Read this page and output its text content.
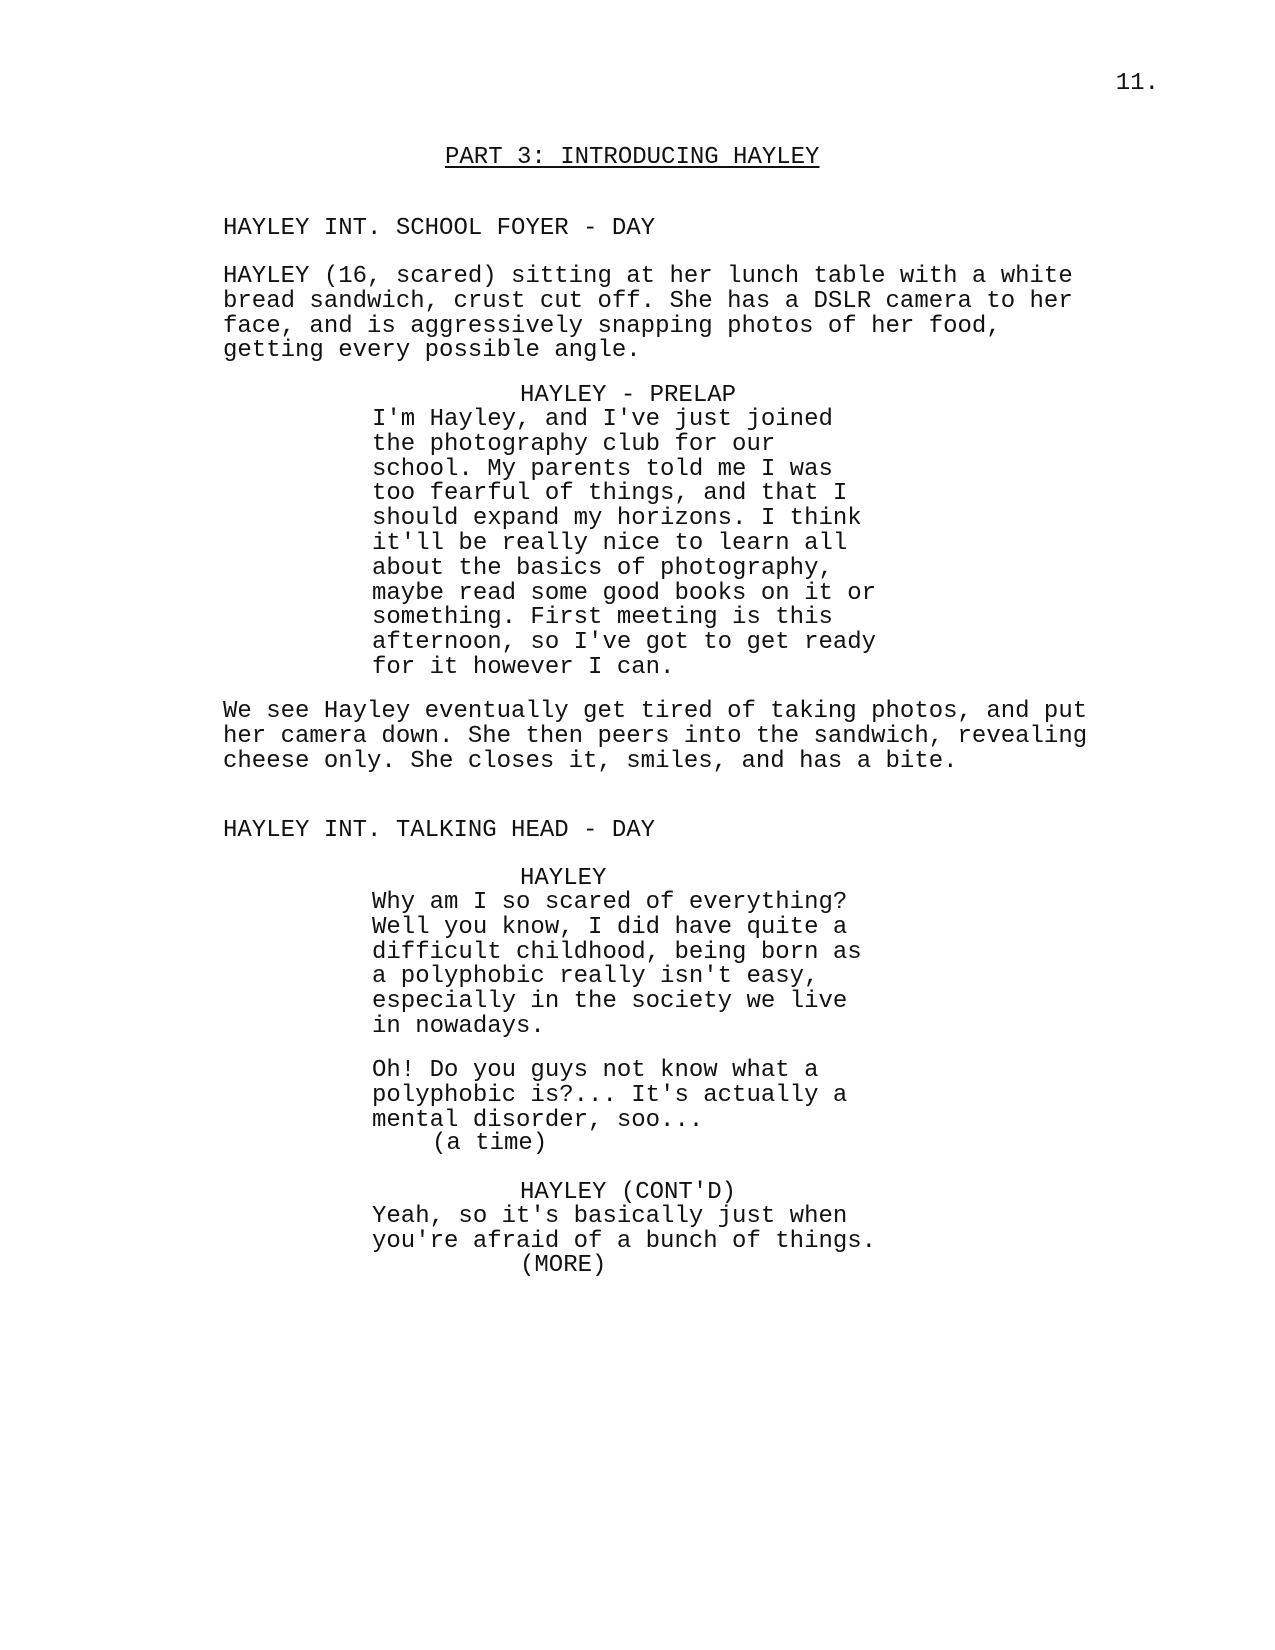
11.
PART 3: INTRODUCING HAYLEY
HAYLEY INT. SCHOOL FOYER - DAY
HAYLEY (16, scared) sitting at her lunch table with a white
bread sandwich, crust cut off. She has a DSLR camera to her
face, and is aggressively snapping photos of her food,
getting every possible angle.
HAYLEY - PRELAP
I'm Hayley, and I've just joined
the photography club for our
school. My parents told me I was
too fearful of things, and that I
should expand my horizons. I think
it'll be really nice to learn all
about the basics of photography,
maybe read some good books on it or
something. First meeting is this
afternoon, so I've got to get ready
for it however I can.
We see Hayley eventually get tired of taking photos, and put
her camera down. She then peers into the sandwich, revealing
cheese only. She closes it, smiles, and has a bite.
HAYLEY INT. TALKING HEAD - DAY
HAYLEY
Why am I so scared of everything?
Well you know, I did have quite a
difficult childhood, being born as
a polyphobic really isn't easy,
especially in the society we live
in nowadays.
Oh! Do you guys not know what a
polyphobic is?... It's actually a
mental disorder, soo...
(a time)
HAYLEY (CONT'D)
Yeah, so it's basically just when
you're afraid of a bunch of things.
(MORE)
